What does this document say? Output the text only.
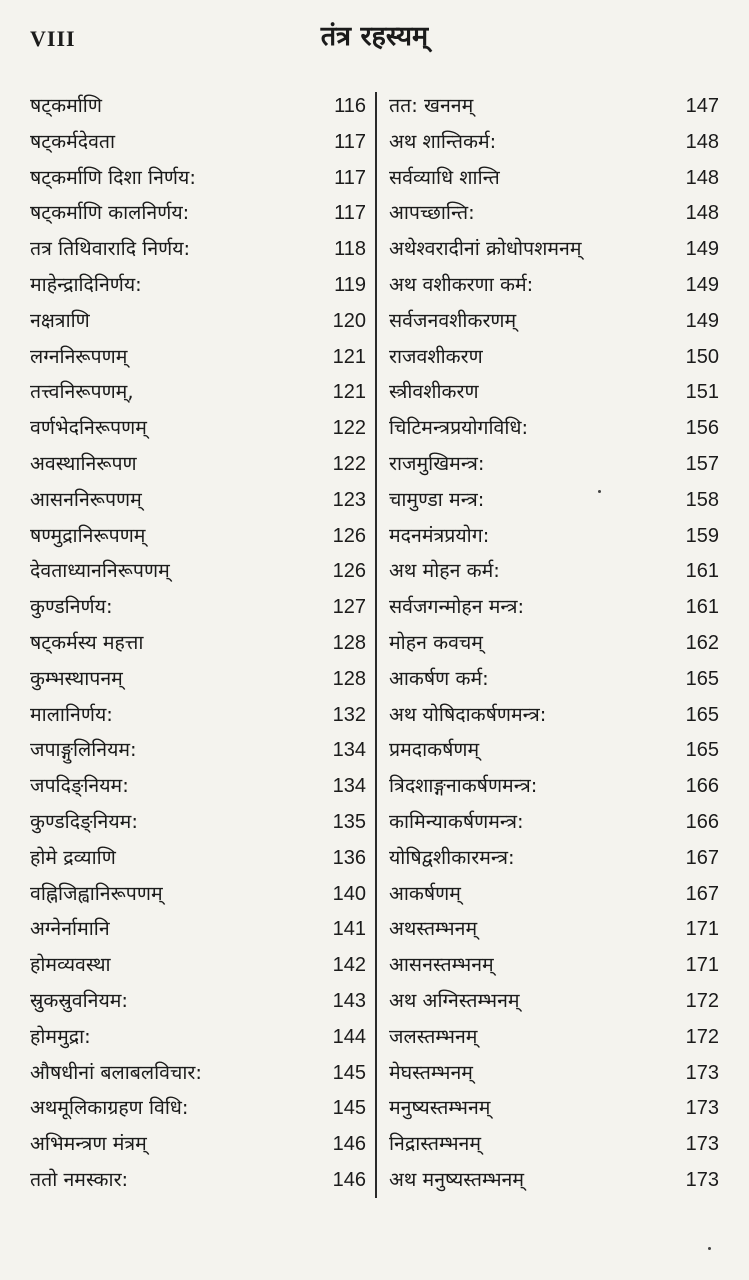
VIII	तंत्र रहस्यम्
षट्कर्माणि	116
षट्कर्मदेवता	117
षट्कर्माणि दिशा निर्णय:	117
षट्कर्माणि कालनिर्णय:	117
तत्र तिथिवारादि निर्णय:	118
माहेन्द्रादिनिर्णय:	119
नक्षत्राणि	120
लग्ननिरूपणम्	121
तत्त्वनिरूपणम्,	121
वर्णभेदनिरूपणम्	122
अवस्थानिरूपण	122
आसननिरूपणम्	123
षण्मुद्रानिरूपणम्	126
देवताध्याननिरूपणम्	126
कुण्डनिर्णय:	127
षट्कर्मस्य महत्ता	128
कुम्भस्थापनम्	128
मालानिर्णय:	132
जपाङ्गुलिनियम:	134
जपदिङ्नियम:	134
कुण्डदिङ्नियम:	135
होमे द्रव्याणि	136
वह्निजिह्वानिरूपणम्	140
अग्नेर्नामानि	141
होमव्यवस्था	142
स्रुकस्रुवनियम:	143
होममुद्रा:	144
औषधीनां बलाबलविचार:	145
अथमूलिकाग्रहण विधि:	145
अभिमन्त्रण मंत्रम्	146
ततो नमस्कार:	146
तत: खननम्	147
अथ शान्तिकर्म:	148
सर्वव्याधि शान्ति	148
आपच्छान्ति:	148
अथेश्वरादीनां क्रोधोपशमनम्	149
अथ वशीकरणा कर्म:	149
सर्वजनवशीकरणम्	149
राजवशीकरण	150
स्त्रीवशीकरण	151
चिटिमन्त्रप्रयोगविधि:	156
राजमुखिमन्त्र:	157
चामुण्डा मन्त्र:	158
मदनमंत्रप्रयोग:	159
अथ मोहन कर्म:	161
सर्वजगन्मोहन मन्त्र:	161
मोहन कवचम्	162
आकर्षण कर्म:	165
अथ योषिदाकर्षणमन्त्र:	165
प्रमदाकर्षणम्	165
त्रिदशाङ्गनाकर्षणमन्त्र:	166
कामिन्याकर्षणमन्त्र:	166
योषिद्वशीकारमन्त्र:	167
आकर्षणम्	167
अथस्तम्भनम्	171
आसनस्तम्भनम्	171
अथ अग्निस्तम्भनम्	172
जलस्तम्भनम्	172
मेघस्तम्भनम्	173
मनुष्यस्तम्भनम्	173
निद्रास्तम्भनम्	173
अथ मनुष्यस्तम्भनम्	173
